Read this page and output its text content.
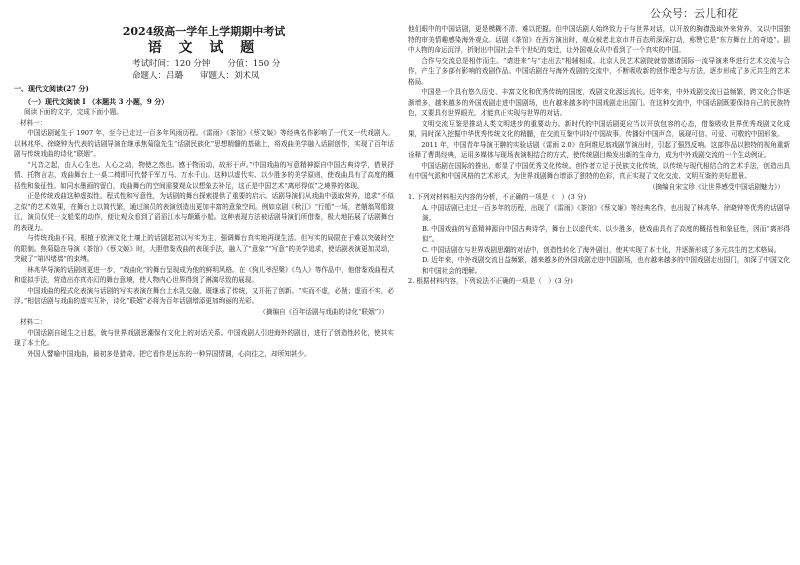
公众号：云儿和花

2024级高一学年上学期期中考试

语 文 试 题

考试时间：120 分钟　　分值：150 分

命题人：吕璐　　审题人：刘术凤

一、现代文阅读(27 分)

（一）现代文阅读 I （本题共 3 小题，9 分）

阅读下面的文字，完成下面小题。

材料一：

中国话剧诞生于 1907 年，至今已走过一百多年风雨历程。《雷雨》《茶馆》《蔡文姬》等经典名作影响了一代又一代戏剧人。以林兆华、徐晓钟为代表的话剧导演在继承焦菊隐先生“话剧民族化”思想精髓的基础上，将戏曲美学融入话剧创作，实现了百年话剧与传统戏曲的诗化“联姻”。

“凡音之起，由人心生也。人心之动，物使之然也。感于物而动，故形于声。”中国戏曲的写意精神源自中国古典诗学，借景抒情、托物言志，戏曲舞台上一桌二椅即可代替千军万马、万水千山。这种以虚代实、以少胜多的美学原则，使戏曲具有了高度的概括性和象征性。如同水墨画的留白，戏曲舞台的空间需要观众以想象去补足，这正是中国艺术“离形得似”之境界的体现。

正是传统戏曲这种虚拟性、程式性和写意性，为话剧的舞台探索提供了重要的启示。话剧导演们从戏曲中汲取营养，追求“不似之似”的艺术效果，在舞台上以简代繁，通过演员的表演创造出更加丰富的意象空间。例如京剧《秋江》“行船”一场，老艄翁驾船渡江，演员仅凭一支船桨的动作，便让观众看到了滔滔江水与颠簸小船。这种表现方法被话剧导演们所借鉴，极大地拓展了话剧舞台的表现力。

与传统戏曲不同，根植于欧洲文化土壤上的话剧起初以写实为主，强调舞台真实地再现生活。但写实的局限在于难以突破时空的限制。焦菊隐在导演《茶馆》《蔡文姬》时，大胆借鉴戏曲的表现手法，融入了“意象”“写意”的美学追求，使话剧表演更加灵动，突破了“第四堵墙”的束缚。

林兆华导演的话剧则更进一步，“戏曲化”的舞台呈现成为他的鲜明风格。在《狗儿爷涅槃》《鸟人》等作品中，他借鉴戏曲程式和虚拟手法，营造出亦真亦幻的舞台意境，使人物内心世界得到了淋漓尽致的展现。

中国戏曲的程式化表演与话剧的写实表演在舞台上水乳交融，既继承了传统，又开拓了创新。“实而不虚，必凿；虚而不实，必浮。”相信话剧与戏曲的虚实互补，诗化“联姻”必将为百年话剧增添更加绚丽的光彩。

（摘编自《百年话剧与戏曲的诗化“联姻”》）

材料二：

中国话剧自诞生之日起，就与世界戏剧思潮保有文化上的对话关系。中国戏剧人引进海外的剧目，进行了创造性转化，使其实现了本土化。

外国人譬喻中国戏曲，最初多是猎奇。把它看作是远东的一种异国情调，心向往之，却所知甚少。

他们眼中的中国话剧，更是模糊不清、难以把握。但中国话剧人始终致力于与世界对话，以开放的胸襟汲取外来营养，又以中国独特的审美情趣感染海外观众。话剧《茶馆》在西方演出时，观众被老北京市井百态所深深打动，称赞它是“东方舞台上的奇迹”。剧中人物的命运沉浮，折射出中国社会半个世纪的变迁，让外国观众从中看到了一个真实的中国。

合作与交流总是相伴而生。“请进来”与“走出去”相辅相成。北京人民艺术剧院就曾邀请国际一流导演来华进行艺术交流与合作，产生了多部有影响的戏剧作品。中国话剧在与海外戏剧的交流中，不断吸收新的创作理念与方法，逐步形成了多元共生的艺术格局。

中国是一个具有悠久历史、丰富文化和优秀传统的国度，戏剧文化源远流长。近年来，中外戏剧交流日益频繁，跨文化合作逐渐增多，越来越多的外国戏剧走进中国剧场，也有越来越多的中国戏剧走出国门。在这种交流中，中国话剧既要保持自己的民族特色，又要具有世界眼光，才能真正实现与世界的对话。

文明交流互鉴是推动人类文明进步的重要动力。新时代的中国话剧更应当以开放包容的心态，借鉴吸收世界优秀戏剧文化成果，同时深入挖掘中华优秀传统文化的精髓，在交流互鉴中讲好中国故事，传播好中国声音，展现可信、可爱、可敬的中国形象。

2011 年，中国青年导演王翀的实验话剧《雷雨 2.0》在阿维尼翁戏剧节演出时，引起了强烈反响。这部作品以独特的视角重新诠释了曹禺经典，运用多媒体与现场表演相结合的方式，使传统剧目焕发出新的生命力，成为中外戏剧交流的一个生动例证。

中国话剧在国际的推出，彰显了中国优秀文化传统。创作者立足于民族文化传统，以传统与现代相结合的艺术手法，创造出具有中国气派和中国风格的艺术形式，为世界戏剧舞台增添了独特的色彩，真正实现了文化交流、文明互鉴的美好愿景。

（摘编自宋宝珍《让世界感受中国话剧魅力》）

1. 下列对材料相关内容的分析，不正确的一项是（　）(3 分)

A. 中国话剧已走过一百多年的历程，出现了《雷雨》《茶馆》《蔡文姬》等经典名作，也出现了林兆华、徐晓钟等优秀的话剧导演。

B. 中国戏曲的写意精神源自中国古典诗学，舞台上以虚代实、以少胜多，使戏曲具有了高度的概括性和象征性，因而“离形得似”。

C. 中国话剧在与世界戏剧思潮的对话中，创造性转化了海外剧目，使其实现了本土化，并逐渐形成了多元共生的艺术格局。

D. 近年来，中外戏剧交流日益频繁，越来越多的外国戏剧走进中国剧场，也有越来越多的中国戏剧走出国门，加深了中国文化和中国社会的理解。

2. 根据材料内容，下列说法不正确的一项是（　）(3 分)
